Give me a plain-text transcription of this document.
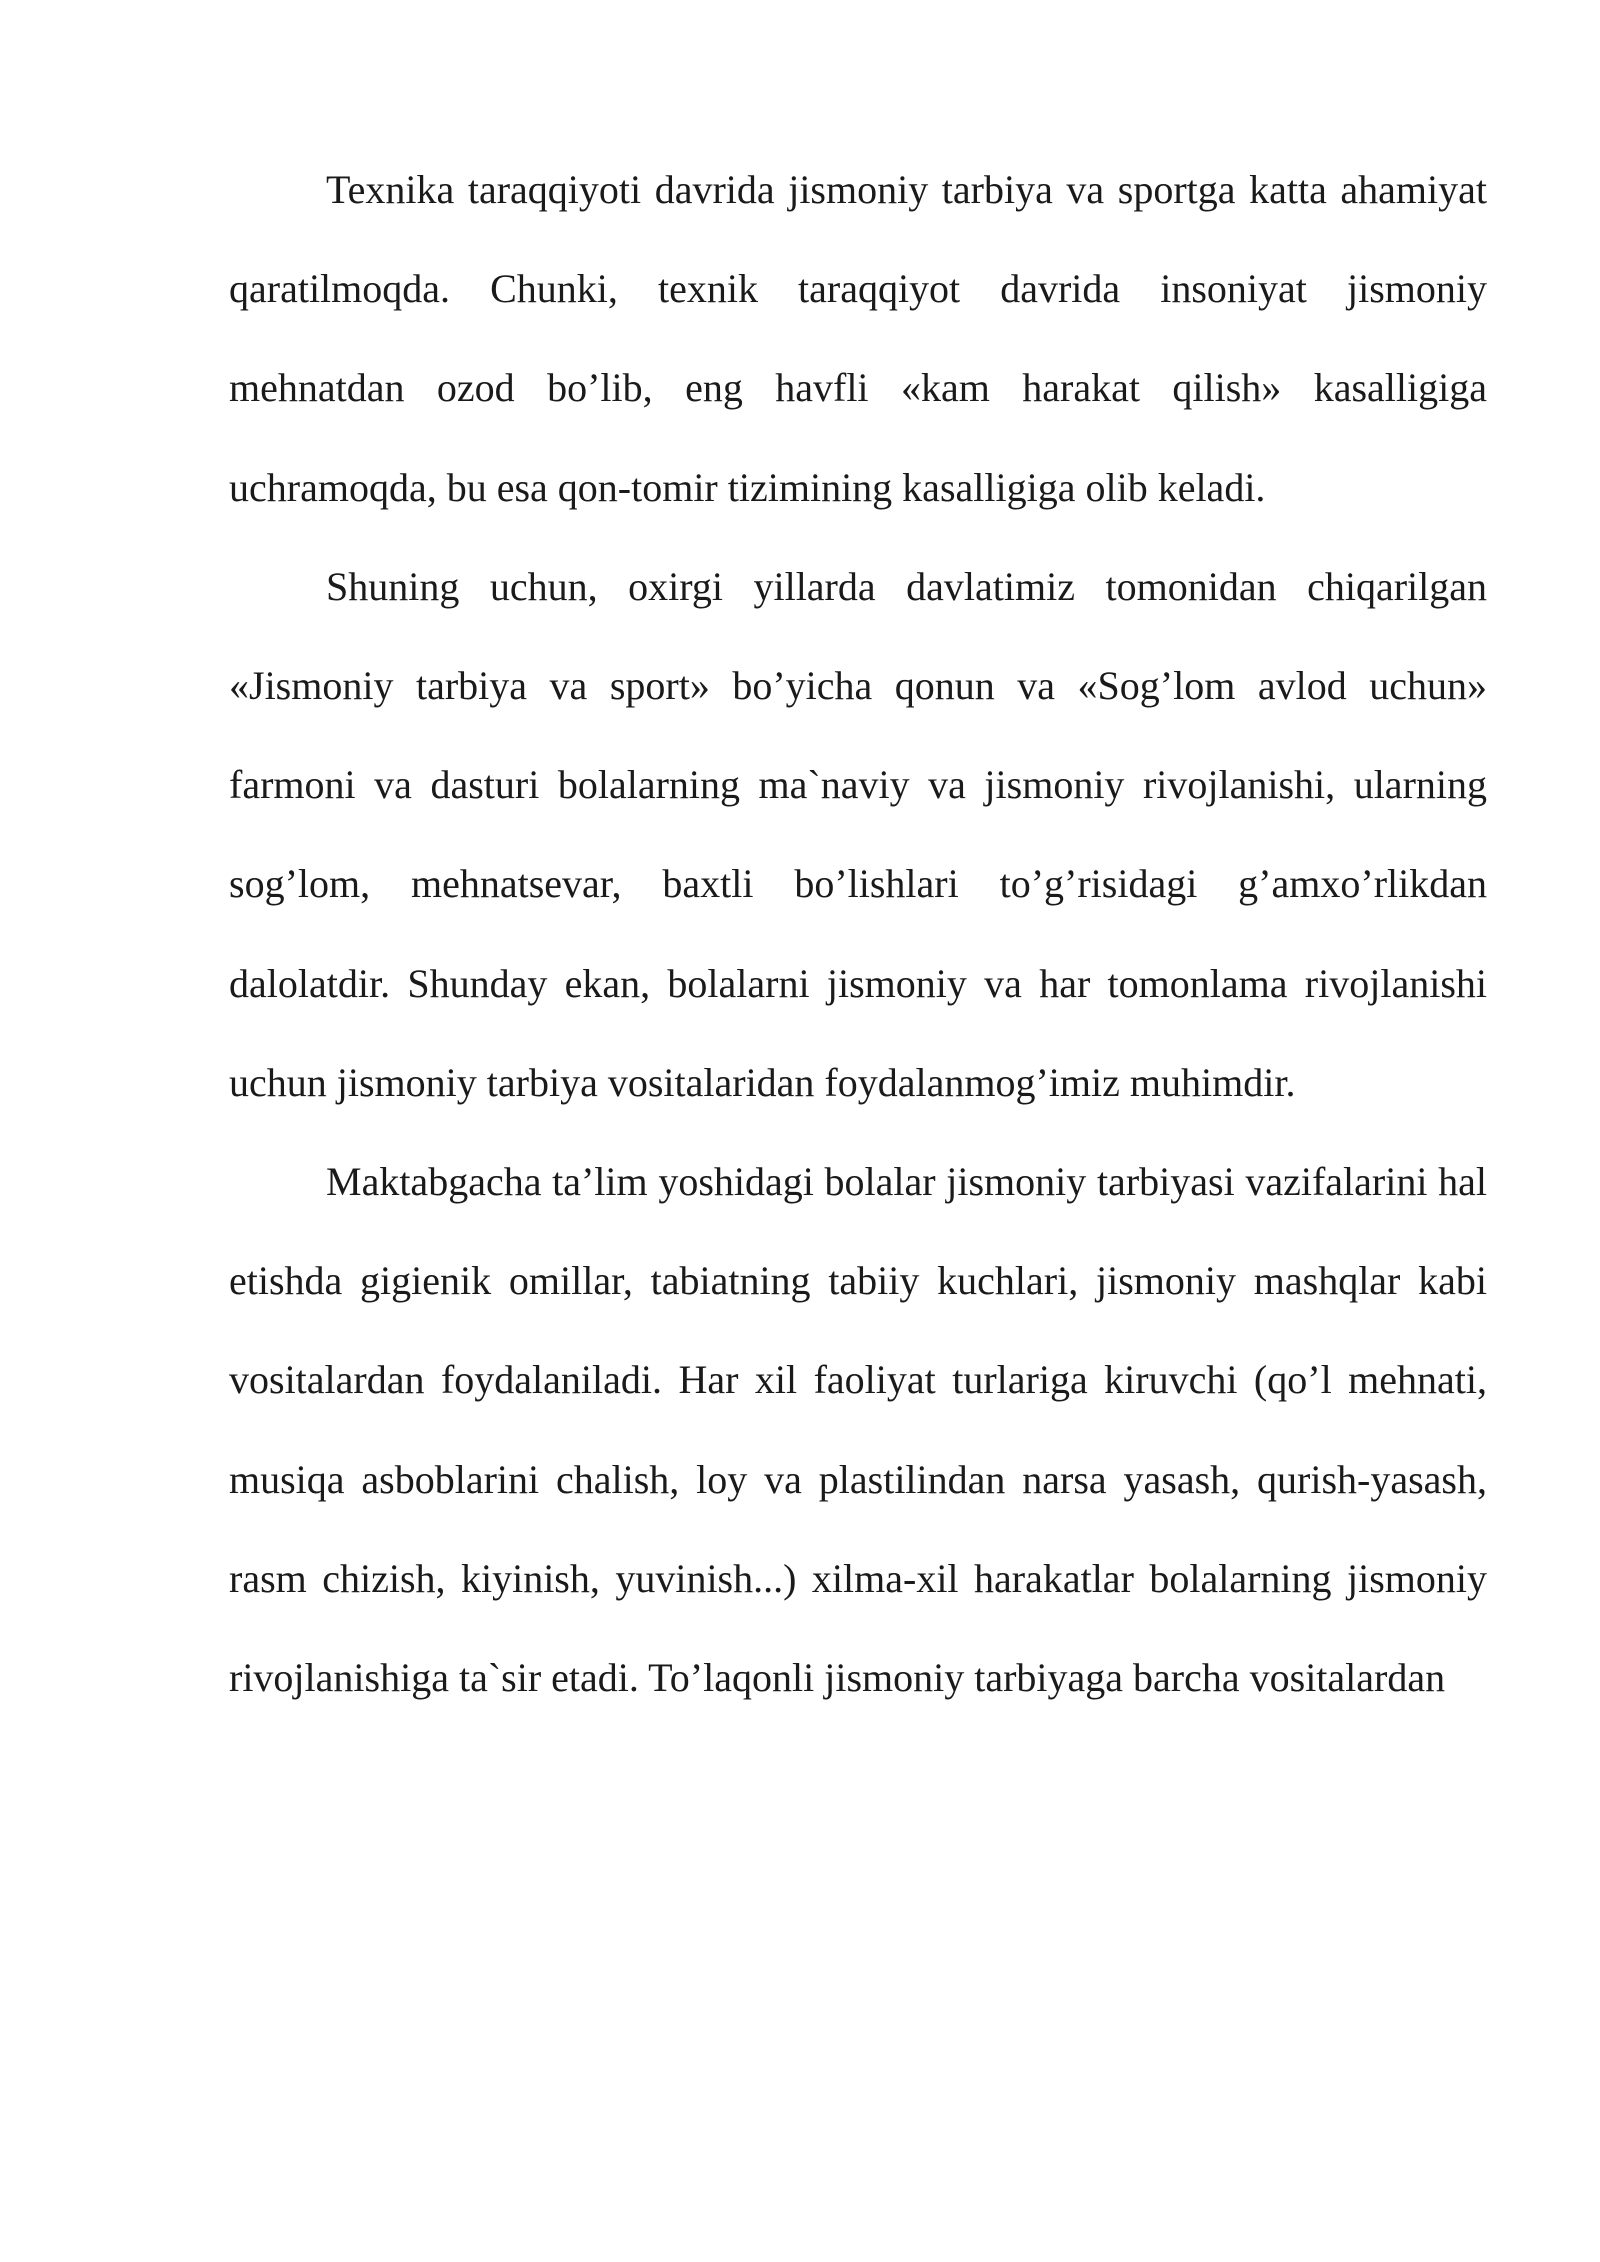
Texnika taraqqiyoti davrida jismoniy tarbiya va sportga katta ahamiyat qaratilmoqda. Chunki, texnik taraqqiyot davrida insoniyat jismoniy mehnatdan ozod bo’lib, eng havfli «kam harakat qilish» kasalligiga uchramoqda, bu esa qon-tomir tizimining kasalligiga olib keladi.

Shuning uchun, oxirgi yillarda davlatimiz tomonidan chiqarilgan «Jismoniy tarbiya va sport» bo’yicha qonun va «Sog’lom avlod uchun» farmoni va dasturi bolalarning ma`naviy va jismoniy rivojlanishi, ularning sog’lom, mehnatsevar, baxtli bo’lishlari to’g’risidagi g’amxo’rlikdan dalolatdir. Shunday ekan, bolalarni jismoniy va har tomonlama rivojlanishi uchun jismoniy tarbiya vositalaridan foydalanmog’imiz muhimdir.

Maktabgacha ta’lim yoshidagi bolalar jismoniy tarbiyasi vazifalarini hal etishda gigienik omillar, tabiatning tabiiy kuchlari, jismoniy mashqlar kabi vositalardan foydalaniladi. Har xil faoliyat turlariga kiruvchi (qo’l mehnati, musiqa asboblarini chalish, loy va plastilindan narsa yasash, qurish-yasash, rasm chizish, kiyinish, yuvinish...) xilma-xil harakatlar bolalarning jismoniy rivojlanishiga ta`sir etadi. To’laqonli jismoniy tarbiyaga barcha vositalardan
